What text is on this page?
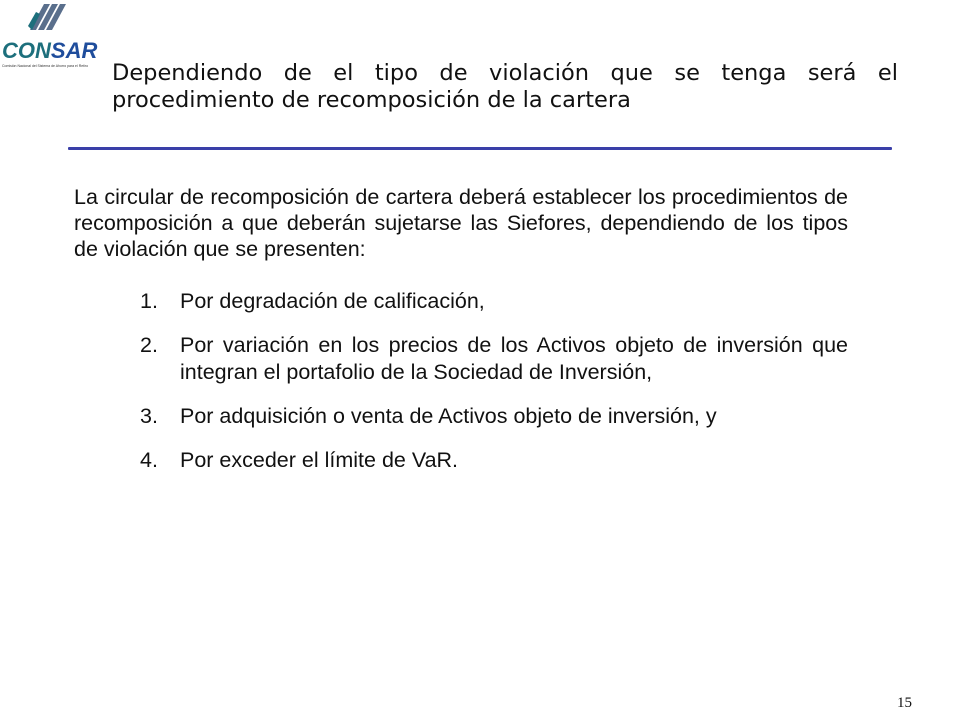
CONSAR
Comisión Nacional del Sistema de Ahorro para el Retiro Dependiendo de el tipo de violación que se tenga será el procedimiento de recomposición de la cartera

La circular de recomposición de cartera deberá establecer los procedimientos de recomposición a que deberán sujetarse las Siefores, dependiendo de los tipos de violación que se presenten:

1.	Por degradación de calificación,
2.	Por variación en los precios de los Activos objeto de inversión que integran el portafolio de la Sociedad de Inversión,
3.	Por adquisición o venta de Activos objeto de inversión, y
4.	Por exceder el límite de VaR.
15
